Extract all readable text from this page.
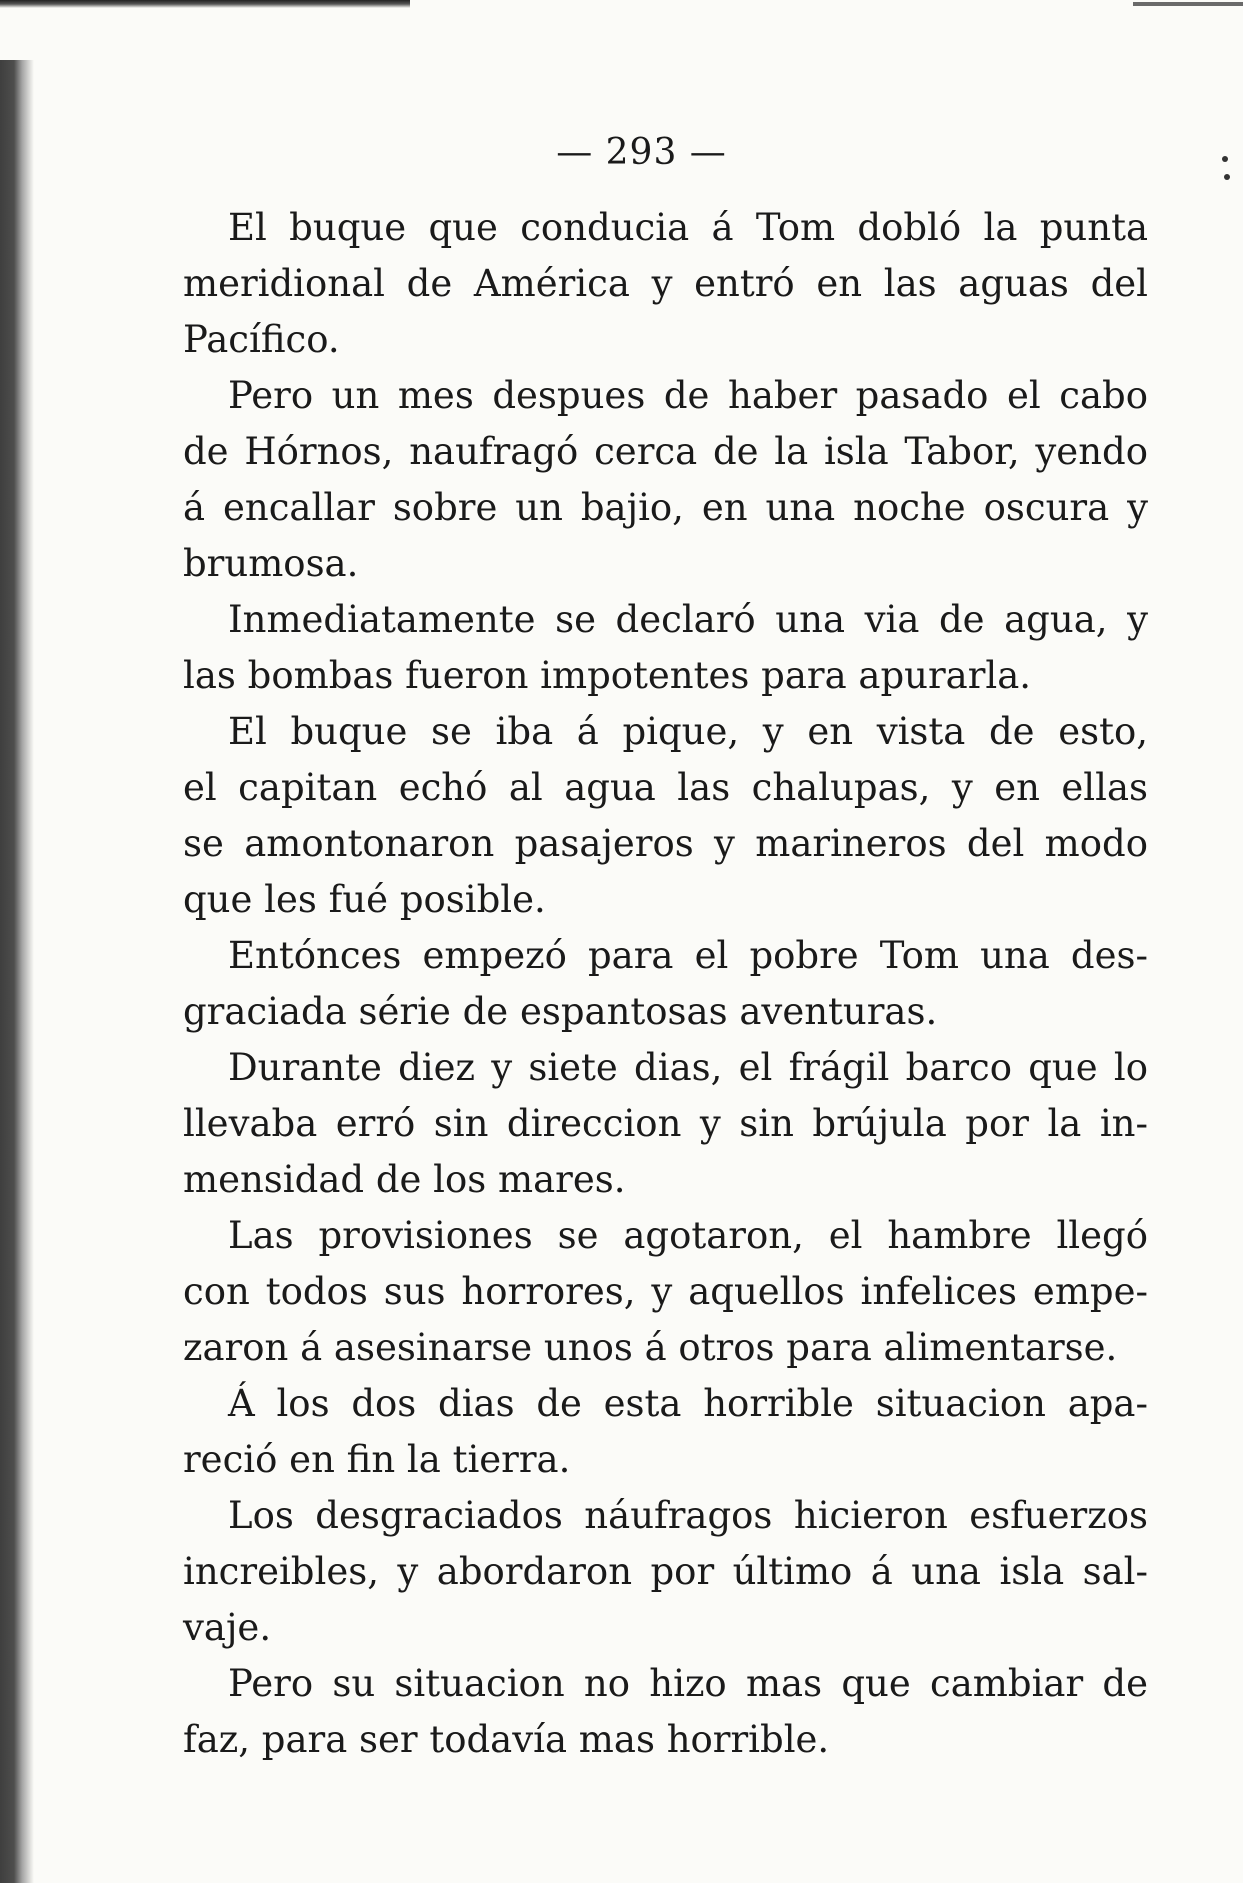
— 293 —

El buque que conducia á Tom dobló la punta
meridional de América y entró en las aguas del
Pacífico.

Pero un mes despues de haber pasado el cabo
de Hórnos, naufragó cerca de la isla Tabor, yendo
á encallar sobre un bajio, en una noche oscura y
brumosa.

Inmediatamente se declaró una via de agua, y
las bombas fueron impotentes para apurarla.

El buque se iba á pique, y en vista de esto,
el capitan echó al agua las chalupas, y en ellas
se amontonaron pasajeros y marineros del modo
que les fué posible.

Entónces empezó para el pobre Tom una des-
graciada série de espantosas aventuras.

Durante diez y siete dias, el frágil barco que lo
llevaba erró sin direccion y sin brújula por la in-
mensidad de los mares.

Las provisiones se agotaron, el hambre llegó
con todos sus horrores, y aquellos infelices empe-
zaron á asesinarse unos á otros para alimentarse.

Á los dos dias de esta horrible situacion apa-
reció en fin la tierra.

Los desgraciados náufragos hicieron esfuerzos
increibles, y abordaron por último á una isla sal-
vaje.

Pero su situacion no hizo mas que cambiar de
faz, para ser todavía mas horrible.
